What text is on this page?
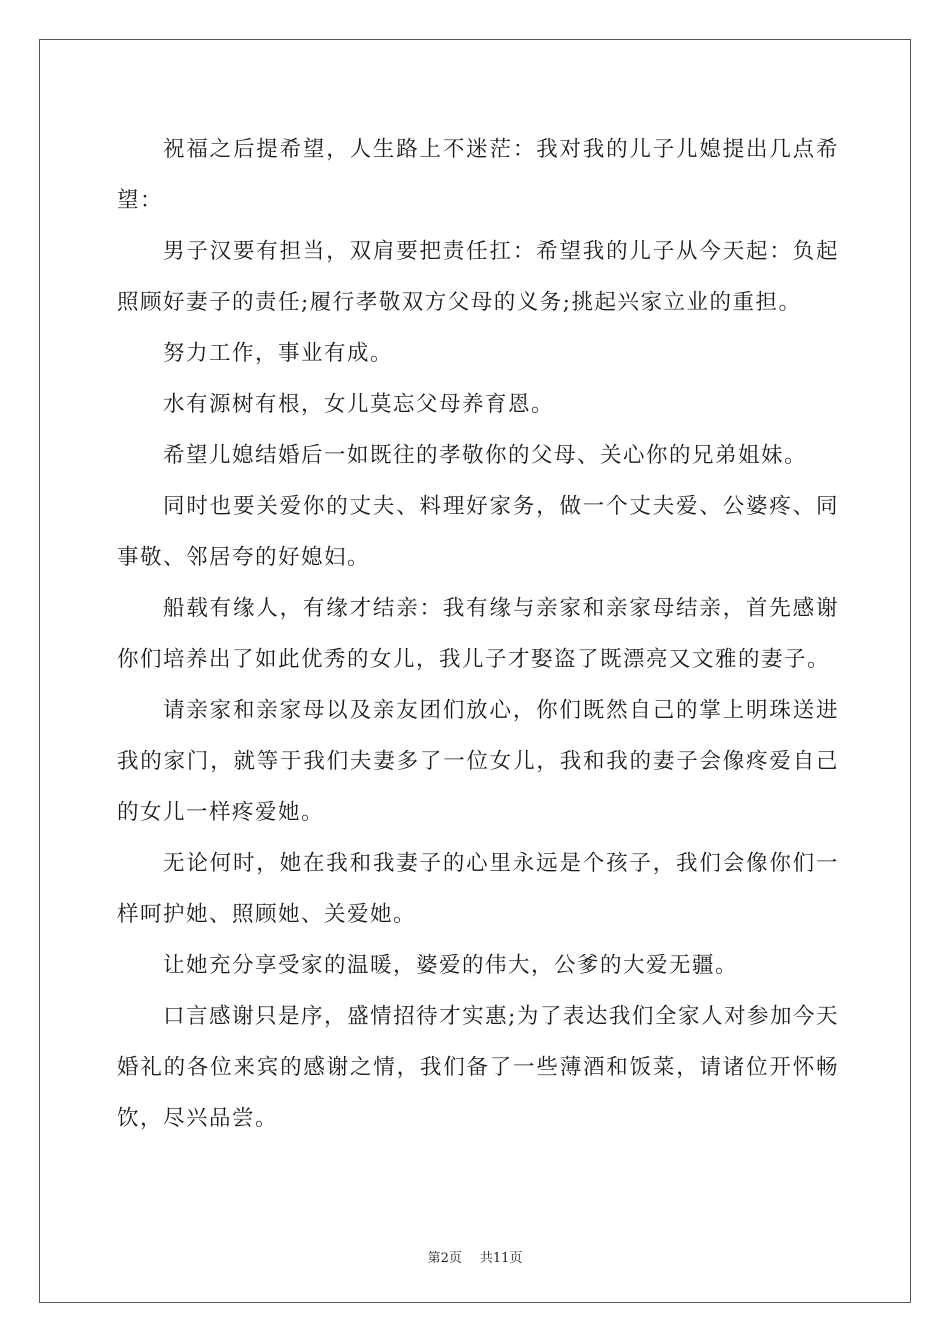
祝福之后提希望，人生路上不迷茫：我对我的儿子儿媳提出几点希望：

男子汉要有担当，双肩要把责任扛：希望我的儿子从今天起：负起照顾好妻子的责任;履行孝敬双方父母的义务;挑起兴家立业的重担。

努力工作，事业有成。

水有源树有根，女儿莫忘父母养育恩。

希望儿媳结婚后一如既往的孝敬你的父母、关心你的兄弟姐妹。

同时也要关爱你的丈夫、料理好家务，做一个丈夫爱、公婆疼、同事敬、邻居夸的好媳妇。

船载有缘人，有缘才结亲：我有缘与亲家和亲家母结亲，首先感谢你们培养出了如此优秀的女儿，我儿子才娶盗了既漂亮又文雅的妻子。

请亲家和亲家母以及亲友团们放心，你们既然自己的掌上明珠送进我的家门，就等于我们夫妻多了一位女儿，我和我的妻子会像疼爱自己的女儿一样疼爱她。

无论何时，她在我和我妻子的心里永远是个孩子，我们会像你们一样呵护她、照顾她、关爱她。

让她充分享受家的温暖，婆爱的伟大，公爹的大爱无疆。

口言感谢只是序，盛情招待才实惠;为了表达我们全家人对参加今天婚礼的各位来宾的感谢之情，我们备了一些薄酒和饭菜，请诸位开怀畅饮，尽兴品尝。

第2页 共11页
